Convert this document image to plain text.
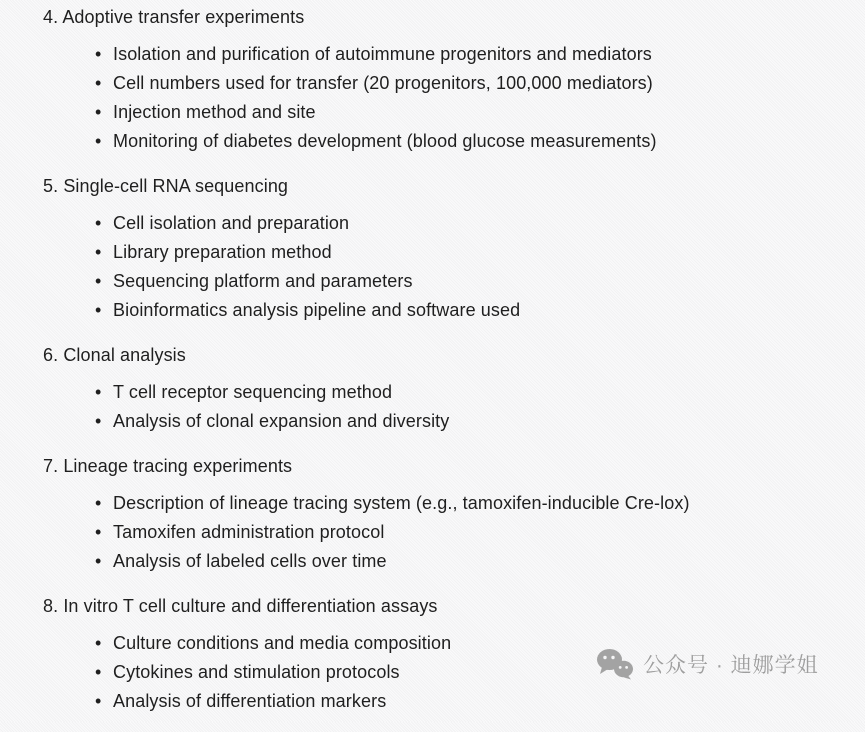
4. Adoptive transfer experiments
• Isolation and purification of autoimmune progenitors and mediators
• Cell numbers used for transfer (20 progenitors, 100,000 mediators)
• Injection method and site
• Monitoring of diabetes development (blood glucose measurements)
5. Single-cell RNA sequencing
• Cell isolation and preparation
• Library preparation method
• Sequencing platform and parameters
• Bioinformatics analysis pipeline and software used
6. Clonal analysis
• T cell receptor sequencing method
• Analysis of clonal expansion and diversity
7. Lineage tracing experiments
• Description of lineage tracing system (e.g., tamoxifen-inducible Cre-lox)
• Tamoxifen administration protocol
• Analysis of labeled cells over time
8. In vitro T cell culture and differentiation assays
• Culture conditions and media composition
• Cytokines and stimulation protocols
• Analysis of differentiation markers
公众号 · 迪娜学姐
